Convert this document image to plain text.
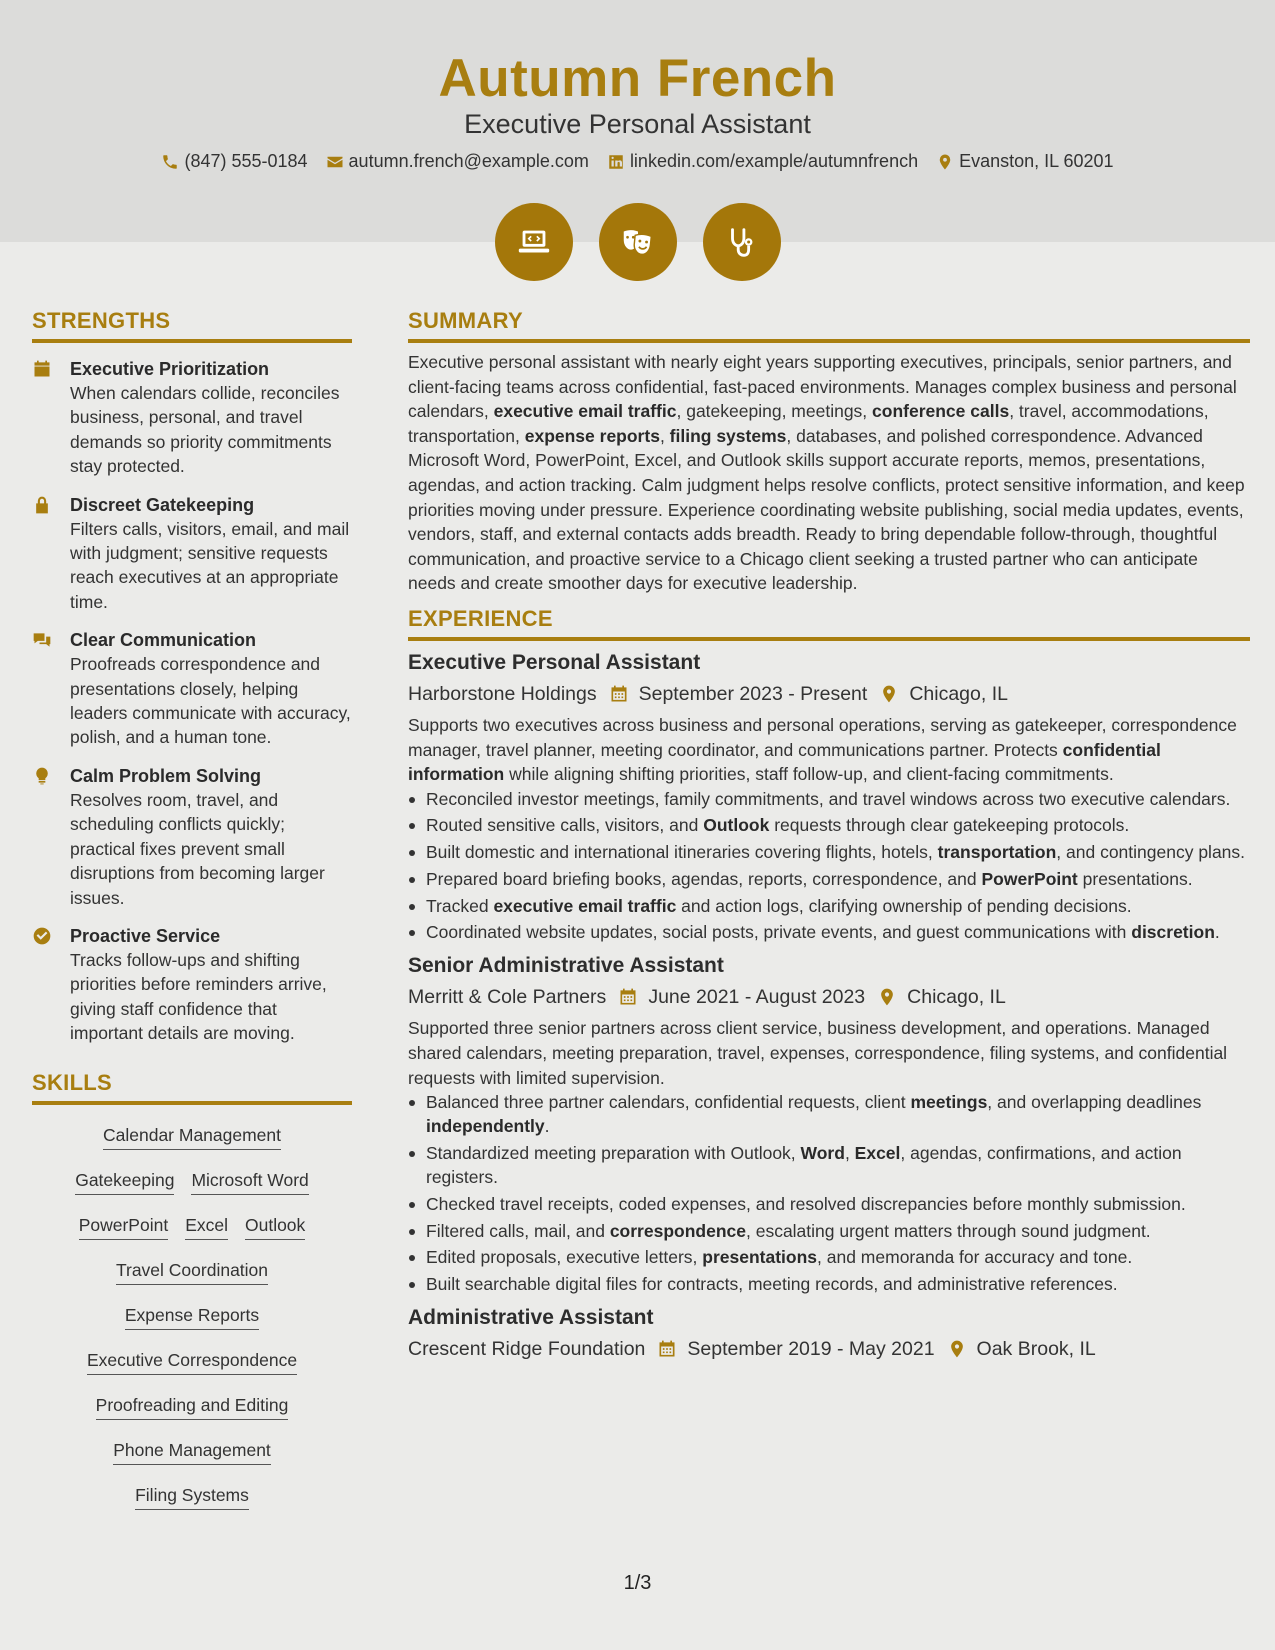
Autumn French
Executive Personal Assistant
(847) 555-0184 autumn.french@example.com linkedin.com/example/autumnfrench Evanston, IL 60201
STRENGTHS
Executive Prioritization
When calendars collide, reconciles business, personal, and travel demands so priority commitments stay protected.
Discreet Gatekeeping
Filters calls, visitors, email, and mail with judgment; sensitive requests reach executives at an appropriate time.
Clear Communication
Proofreads correspondence and presentations closely, helping leaders communicate with accuracy, polish, and a human tone.
Calm Problem Solving
Resolves room, travel, and scheduling conflicts quickly; practical fixes prevent small disruptions from becoming larger issues.
Proactive Service
Tracks follow-ups and shifting priorities before reminders arrive, giving staff confidence that important details are moving.
SKILLS
Calendar Management
Gatekeeping Microsoft Word
PowerPoint Excel Outlook
Travel Coordination
Expense Reports
Executive Correspondence
Proofreading and Editing
Phone Management
Filing Systems
SUMMARY

Executive personal assistant with nearly eight years supporting executives, principals, senior partners, and client-facing teams across confidential, fast-paced environments. Manages complex business and personal calendars, executive email traffic, gatekeeping, meetings, conference calls, travel, accommodations, transportation, expense reports, filing systems, databases, and polished correspondence. Advanced Microsoft Word, PowerPoint, Excel, and Outlook skills support accurate reports, memos, presentations, agendas, and action tracking. Calm judgment helps resolve conflicts, protect sensitive information, and keep priorities moving under pressure. Experience coordinating website publishing, social media updates, events, vendors, staff, and external contacts adds breadth. Ready to bring dependable follow-through, thoughtful communication, and proactive service to a Chicago client seeking a trusted partner who can anticipate needs and create smoother days for executive leadership.

EXPERIENCE
Executive Personal Assistant
Harborstone Holdings September 2023 - Present Chicago, IL

Supports two executives across business and personal operations, serving as gatekeeper, correspondence manager, travel planner, meeting coordinator, and communications partner. Protects confidential information while aligning shifting priorities, staff follow-up, and client-facing commitments.

Reconciled investor meetings, family commitments, and travel windows across two executive calendars.
Routed sensitive calls, visitors, and Outlook requests through clear gatekeeping protocols.
Built domestic and international itineraries covering flights, hotels, transportation, and contingency plans.
Prepared board briefing books, agendas, reports, correspondence, and PowerPoint presentations.
Tracked executive email traffic and action logs, clarifying ownership of pending decisions.
Coordinated website updates, social posts, private events, and guest communications with discretion.
Senior Administrative Assistant
Merritt & Cole Partners June 2021 - August 2023 Chicago, IL

Supported three senior partners across client service, business development, and operations. Managed shared calendars, meeting preparation, travel, expenses, correspondence, filing systems, and confidential requests with limited supervision.

Balanced three partner calendars, confidential requests, client meetings, and overlapping deadlines independently.
Standardized meeting preparation with Outlook, Word, Excel, agendas, confirmations, and action registers.
Checked travel receipts, coded expenses, and resolved discrepancies before monthly submission.
Filtered calls, mail, and correspondence, escalating urgent matters through sound judgment.
Edited proposals, executive letters, presentations, and memoranda for accuracy and tone.
Built searchable digital files for contracts, meeting records, and administrative references.
Administrative Assistant
Crescent Ridge Foundation September 2019 - May 2021 Oak Brook, IL
1/3
